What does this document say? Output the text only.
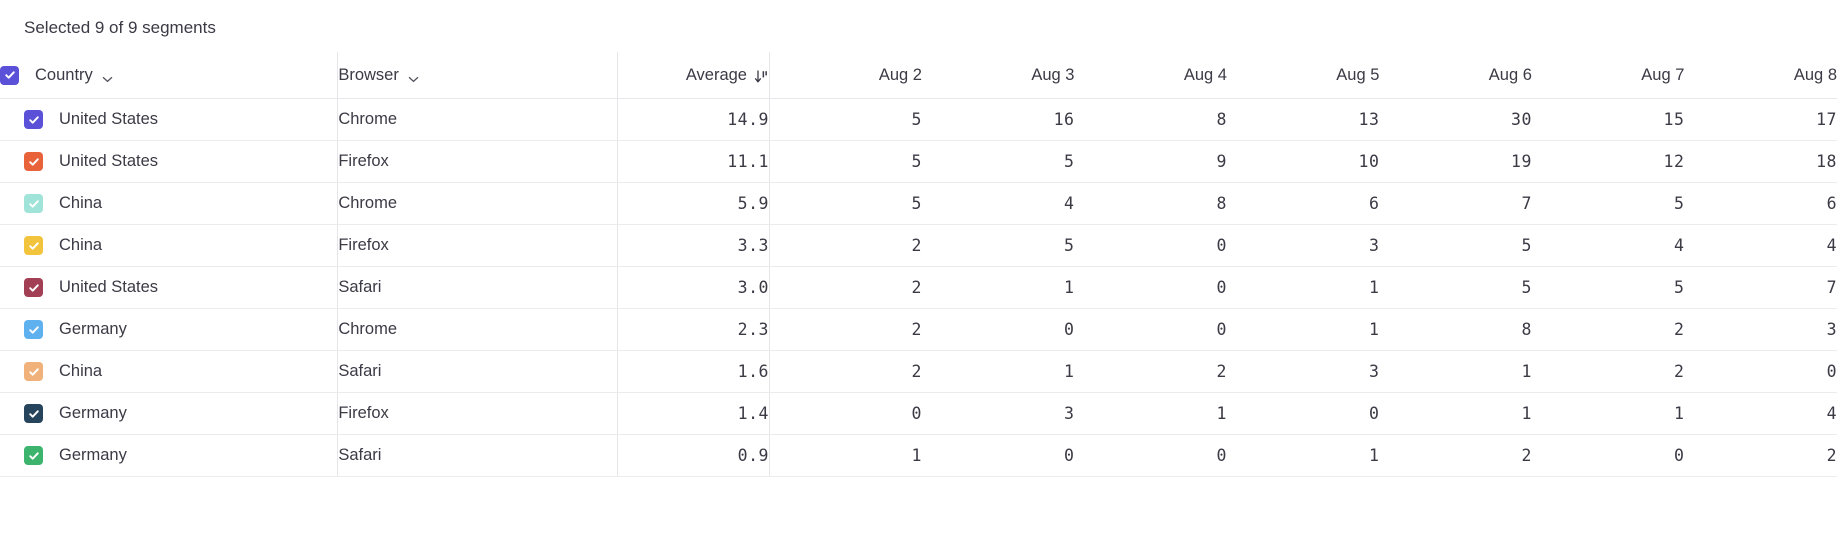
Selected 9 of 9 segments
Country	Browser	Average	Aug 2	Aug 3	Aug 4	Aug 5	Aug 6	Aug 7	Aug 8

United States	Chrome	14.9	5	16	8	13	30	15	17

United States	Firefox	11.1	5	5	9	10	19	12	18

China	Chrome	5.9	5	4	8	6	7	5	6

China	Firefox	3.3	2	5	0	3	5	4	4

United States	Safari	3.0	2	1	0	1	5	5	7

Germany	Chrome	2.3	2	0	0	1	8	2	3

China	Safari	1.6	2	1	2	3	1	2	0

Germany	Firefox	1.4	0	3	1	0	1	1	4

Germany	Safari	0.9	1	0	0	1	2	0	2
